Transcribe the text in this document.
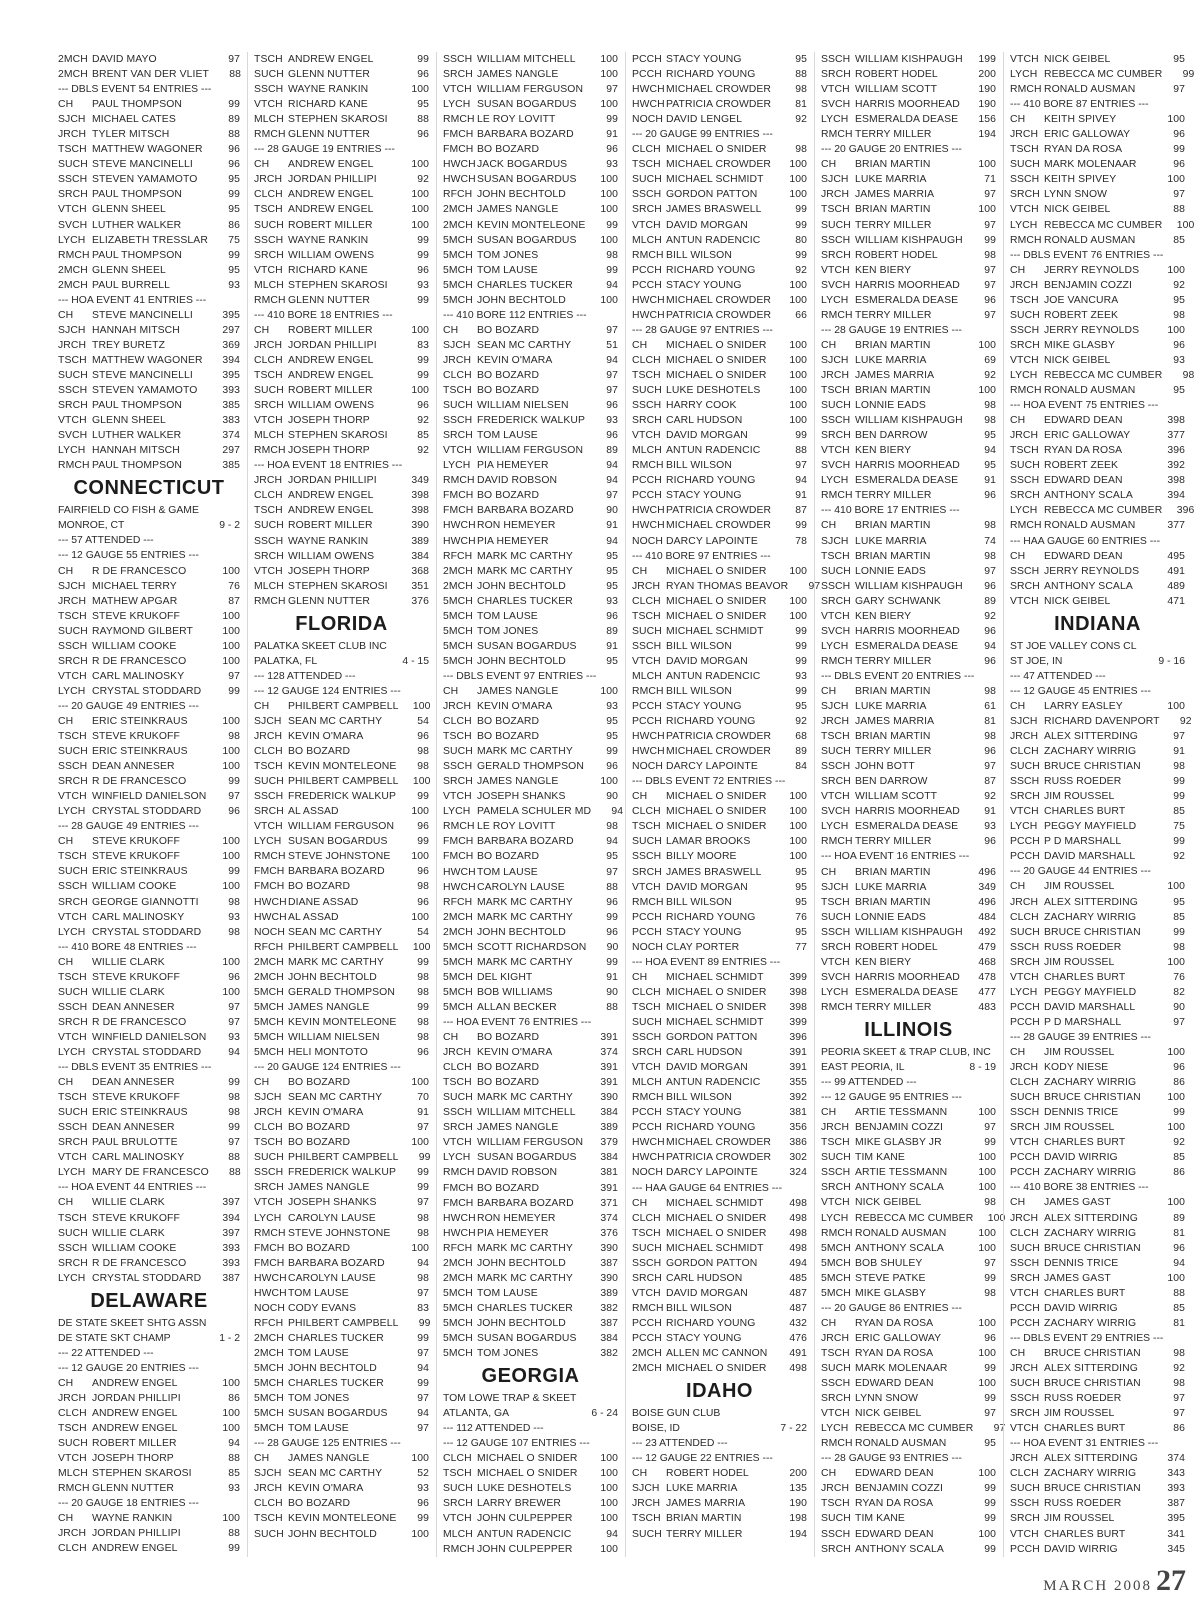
2MCH DAVID MAYO	97
2MCH BRENT VAN DER VLIET	88
--- DBLS EVENT 54 ENTRIES ---
CH	PAUL THOMPSON	99
SJCH MICHAEL CATES	89
JRCH TYLER MITSCH	88
TSCH MATTHEW WAGONER	96
SUCH STEVE MANCINELLI	96
SSCH STEVEN YAMAMOTO	95
SRCH PAUL THOMPSON	99
VTCH GLENN SHEEL	95
SVCH LUTHER WALKER	86
LYCH ELIZABETH TRESSLAR	75
RMCH PAUL THOMPSON	99
2MCH GLENN SHEEL	95
2MCH PAUL BURRELL	93
--- HOA EVENT 41 ENTRIES ---
CH	STEVE MANCINELLI	395
SJCH HANNAH MITSCH	297
JRCH TREY BURETZ	369
TSCH MATTHEW WAGONER	394
SUCH STEVE MANCINELLI	395
SSCH STEVEN YAMAMOTO	393
SRCH PAUL THOMPSON	385
VTCH GLENN SHEEL	383
SVCH LUTHER WALKER	374
LYCH HANNAH MITSCH	297
RMCH PAUL THOMPSON	385
CONNECTICUT
FAIRFIELD CO FISH & GAME
MONROE, CT	9 - 2
--- 57 ATTENDED ---
--- 12 GAUGE 55 ENTRIES ---
CH	R DE FRANCESCO	100
SJCH MICHAEL TERRY	76
JRCH MATHEW APGAR	87
TSCH STEVE KRUKOFF	100
SUCH RAYMOND GILBERT	100
SSCH WILLIAM COOKE	100
SRCH R DE FRANCESCO	100
VTCH CARL MALINOSKY	97
LYCH CRYSTAL STODDARD	99
--- 20 GAUGE 49 ENTRIES ---
CH	ERIC STEINKRAUS	100
TSCH STEVE KRUKOFF	98
SUCH ERIC STEINKRAUS	100
SSCH DEAN ANNESER	100
SRCH R DE FRANCESCO	99
VTCH WINFIELD DANIELSON	97
LYCH CRYSTAL STODDARD	96
--- 28 GAUGE 49 ENTRIES ---
CH	STEVE KRUKOFF	100
TSCH STEVE KRUKOFF	100
SUCH ERIC STEINKRAUS	99
SSCH WILLIAM COOKE	100
SRCH GEORGE GIANNOTTI	98
VTCH CARL MALINOSKY	93
LYCH CRYSTAL STODDARD	98
--- 410 BORE 48 ENTRIES ---
CH	WILLIE CLARK	100
TSCH STEVE KRUKOFF	96
SUCH WILLIE CLARK	100
SSCH DEAN ANNESER	97
SRCH R DE FRANCESCO	97
VTCH WINFIELD DANIELSON	93
LYCH CRYSTAL STODDARD	94
--- DBLS EVENT 35 ENTRIES ---
CH	DEAN ANNESER	99
TSCH STEVE KRUKOFF	98
SUCH ERIC STEINKRAUS	98
SSCH DEAN ANNESER	99
SRCH PAUL BRULOTTE	97
VTCH CARL MALINOSKY	88
LYCH MARY DE FRANCESCO	88
--- HOA EVENT 44 ENTRIES ---
CH	WILLIE CLARK	397
TSCH STEVE KRUKOFF	394
SUCH WILLIE CLARK	397
SSCH WILLIAM COOKE	393
SRCH R DE FRANCESCO	393
LYCH CRYSTAL STODDARD	387
DELAWARE
DE STATE SKEET SHTG ASSN
DE STATE SKT CHAMP	1 - 2
--- 22 ATTENDED ---
--- 12 GAUGE 20 ENTRIES ---
CH	ANDREW ENGEL	100
JRCH JORDAN PHILLIPI	86
CLCH ANDREW ENGEL	100
TSCH ANDREW ENGEL	100
SUCH ROBERT MILLER	94
VTCH JOSEPH THORP	88
MLCH STEPHEN SKAROSI	85
RMCH GLENN NUTTER	93
--- 20 GAUGE 18 ENTRIES ---
CH	WAYNE RANKIN	100
JRCH JORDAN PHILLIPI	88
CLCH ANDREW ENGEL	99
TSCH ANDREW ENGEL	99
SUCH GLENN NUTTER	96
SSCH WAYNE RANKIN	100
VTCH RICHARD KANE	95
MLCH STEPHEN SKAROSI	88
RMCH GLENN NUTTER	96
--- 28 GAUGE 19 ENTRIES ---
CH	ANDREW ENGEL	100
JRCH JORDAN PHILLIPI	92
CLCH ANDREW ENGEL	100
TSCH ANDREW ENGEL	100
SUCH ROBERT MILLER	100
SSCH WAYNE RANKIN	99
SRCH WILLIAM OWENS	99
VTCH RICHARD KANE	96
MLCH STEPHEN SKAROSI	93
RMCH GLENN NUTTER	99
--- 410 BORE 18 ENTRIES ---
CH	ROBERT MILLER	100
JRCH JORDAN PHILLIPI	83
CLCH ANDREW ENGEL	99
TSCH ANDREW ENGEL	99
SUCH ROBERT MILLER	100
SRCH WILLIAM OWENS	96
VTCH JOSEPH THORP	92
MLCH STEPHEN SKAROSI	85
RMCH JOSEPH THORP	92
--- HOA EVENT 18 ENTRIES ---
JRCH JORDAN PHILLIPI	349
CLCH ANDREW ENGEL	398
TSCH ANDREW ENGEL	398
SUCH ROBERT MILLER	390
SSCH WAYNE RANKIN	389
SRCH WILLIAM OWENS	384
VTCH JOSEPH THORP	368
MLCH STEPHEN SKAROSI	351
RMCH GLENN NUTTER	376
FLORIDA
PALATKA SKEET CLUB INC
PALATKA, FL	4 - 15
--- 128 ATTENDED ---
--- 12 GAUGE 124 ENTRIES ---
CH	PHILBERT CAMPBELL	100
SJCH SEAN MC CARTHY	54
JRCH KEVIN O'MARA	96
CLCH BO BOZARD	98
TSCH KEVIN MONTELEONE	98
SUCH PHILBERT CAMPBELL	100
SSCH FREDERICK WALKUP	99
SRCH AL ASSAD	100
VTCH WILLIAM FERGUSON	96
LYCH SUSAN BOGARDUS	99
RMCH STEVE JOHNSTONE	100
FMCH BARBARA BOZARD	96
FMCH BO BOZARD	98
HWCH DIANE ASSAD	96
HWCH AL ASSAD	100
NOCH SEAN MC CARTHY	54
RFCH PHILBERT CAMPBELL	100
2MCH MARK MC CARTHY	99
2MCH JOHN BECHTOLD	98
5MCH GERALD THOMPSON	98
5MCH JAMES NANGLE	99
5MCH KEVIN MONTELEONE	98
5MCH WILLIAM NIELSEN	98
5MCH HELI MONTOTO	96
--- 20 GAUGE 124 ENTRIES ---
CH	BO BOZARD	100
SJCH SEAN MC CARTHY	70
JRCH KEVIN O'MARA	91
CLCH BO BOZARD	97
TSCH BO BOZARD	100
SUCH PHILBERT CAMPBELL	99
SSCH FREDERICK WALKUP	99
SRCH JAMES NANGLE	99
VTCH JOSEPH SHANKS	97
LYCH CAROLYN LAUSE	98
RMCH STEVE JOHNSTONE	98
FMCH BO BOZARD	100
FMCH BARBARA BOZARD	94
HWCH CAROLYN LAUSE	98
HWCH TOM LAUSE	97
NOCH CODY EVANS	83
RFCH PHILBERT CAMPBELL	99
2MCH CHARLES TUCKER	99
2MCH TOM LAUSE	97
5MCH JOHN BECHTOLD	94
5MCH CHARLES TUCKER	99
5MCH TOM JONES	97
5MCH SUSAN BOGARDUS	94
5MCH TOM LAUSE	97
--- 28 GAUGE 125 ENTRIES ---
CH	JAMES NANGLE	100
SJCH SEAN MC CARTHY	52
JRCH KEVIN O'MARA	93
CLCH BO BOZARD	96
TSCH KEVIN MONTELEONE	99
SUCH JOHN BECHTOLD	100
SSCH WILLIAM MITCHELL	100
SRCH JAMES NANGLE	100
VTCH WILLIAM FERGUSON	97
LYCH SUSAN BOGARDUS	100
RMCH LE ROY LOVITT	99
FMCH BARBARA BOZARD	91
FMCH BO BOZARD	96
HWCH JACK BOGARDUS	93
HWCH SUSAN BOGARDUS	100
RFCH JOHN BECHTOLD	100
2MCH JAMES NANGLE	100
2MCH KEVIN MONTELEONE	99
5MCH SUSAN BOGARDUS	100
5MCH TOM JONES	98
5MCH TOM LAUSE	99
5MCH CHARLES TUCKER	94
5MCH JOHN BECHTOLD	100
--- 410 BORE 112 ENTRIES ---
CH	BO BOZARD	97
SJCH SEAN MC CARTHY	51
JRCH KEVIN O'MARA	94
CLCH BO BOZARD	97
TSCH BO BOZARD	97
SUCH WILLIAM NIELSEN	96
SSCH FREDERICK WALKUP	93
SRCH TOM LAUSE	96
VTCH WILLIAM FERGUSON	89
LYCH PIA HEMEYER	94
RMCH DAVID ROBSON	94
FMCH BO BOZARD	97
FMCH BARBARA BOZARD	90
HWCH RON HEMEYER	91
HWCH PIA HEMEYER	94
RFCH MARK MC CARTHY	95
2MCH MARK MC CARTHY	95
2MCH JOHN BECHTOLD	95
5MCH CHARLES TUCKER	93
5MCH TOM LAUSE	96
5MCH TOM JONES	89
5MCH SUSAN BOGARDUS	91
5MCH JOHN BECHTOLD	95
--- DBLS EVENT 97 ENTRIES ---
CH	JAMES NANGLE	100
JRCH KEVIN O'MARA	93
CLCH BO BOZARD	95
TSCH BO BOZARD	95
SUCH MARK MC CARTHY	99
SSCH GERALD THOMPSON	96
SRCH JAMES NANGLE	100
VTCH JOSEPH SHANKS	90
LYCH PAMELA SCHULER MD	94
RMCH LE ROY LOVITT	98
FMCH BARBARA BOZARD	94
FMCH BO BOZARD	95
HWCH TOM LAUSE	97
HWCH CAROLYN LAUSE	88
RFCH MARK MC CARTHY	96
2MCH MARK MC CARTHY	99
2MCH JOHN BECHTOLD	96
5MCH SCOTT RICHARDSON	90
5MCH MARK MC CARTHY	99
5MCH DEL KIGHT	91
5MCH BOB WILLIAMS	90
5MCH ALLAN BECKER	88
--- HOA EVENT 76 ENTRIES ---
CH	BO BOZARD	391
JRCH KEVIN O'MARA	374
CLCH BO BOZARD	391
TSCH BO BOZARD	391
SUCH MARK MC CARTHY	390
SSCH WILLIAM MITCHELL	384
SRCH JAMES NANGLE	389
VTCH WILLIAM FERGUSON	379
LYCH SUSAN BOGARDUS	384
RMCH DAVID ROBSON	381
FMCH BO BOZARD	391
FMCH BARBARA BOZARD	371
HWCH RON HEMEYER	374
HWCH PIA HEMEYER	376
RFCH MARK MC CARTHY	390
2MCH JOHN BECHTOLD	387
2MCH MARK MC CARTHY	390
5MCH TOM LAUSE	389
5MCH CHARLES TUCKER	382
5MCH JOHN BECHTOLD	387
5MCH SUSAN BOGARDUS	384
5MCH TOM JONES	382
GEORGIA
TOM LOWE TRAP & SKEET
ATLANTA, GA	6 - 24
--- 112 ATTENDED ---
--- 12 GAUGE 107 ENTRIES ---
CLCH MICHAEL O SNIDER	100
TSCH MICHAEL O SNIDER	100
SUCH LUKE DESHOTELS	100
SRCH LARRY BREWER	100
VTCH JOHN CULPEPPER	100
MLCH ANTUN RADENCIC	94
RMCH JOHN CULPEPPER	100
PCCH STACY YOUNG	95
PCCH RICHARD YOUNG	88
HWCH MICHAEL CROWDER	98
HWCH PATRICIA CROWDER	81
NOCH DAVID LENGEL	92
--- 20 GAUGE 99 ENTRIES ---
CLCH MICHAEL O SNIDER	98
TSCH MICHAEL CROWDER	100
SUCH MICHAEL SCHMIDT	100
SSCH GORDON PATTON	100
SRCH JAMES BRASWELL	99
VTCH DAVID MORGAN	99
MLCH ANTUN RADENCIC	80
RMCH BILL WILSON	99
PCCH RICHARD YOUNG	92
PCCH STACY YOUNG	100
HWCH MICHAEL CROWDER	100
HWCH PATRICIA CROWDER	66
--- 28 GAUGE 97 ENTRIES ---
CH	MICHAEL O SNIDER	100
CLCH MICHAEL O SNIDER	100
TSCH MICHAEL O SNIDER	100
SUCH LUKE DESHOTELS	100
SSCH HARRY COOK	100
SRCH CARL HUDSON	100
VTCH DAVID MORGAN	99
MLCH ANTUN RADENCIC	88
RMCH BILL WILSON	97
PCCH RICHARD YOUNG	94
PCCH STACY YOUNG	91
HWCH PATRICIA CROWDER	87
HWCH MICHAEL CROWDER	99
NOCH DARCY LAPOINTE	78
--- 410 BORE 97 ENTRIES ---
CH	MICHAEL O SNIDER	100
JRCH RYAN THOMAS BEAVOR	97
CLCH MICHAEL O SNIDER	100
TSCH MICHAEL O SNIDER	100
SUCH MICHAEL SCHMIDT	99
SSCH BILL WILSON	99
VTCH DAVID MORGAN	99
MLCH ANTUN RADENCIC	93
RMCH BILL WILSON	99
PCCH STACY YOUNG	95
PCCH RICHARD YOUNG	92
HWCH PATRICIA CROWDER	68
HWCH MICHAEL CROWDER	89
NOCH DARCY LAPOINTE	84
--- DBLS EVENT 72 ENTRIES ---
CH	MICHAEL O SNIDER	100
CLCH MICHAEL O SNIDER	100
TSCH MICHAEL O SNIDER	100
SUCH LAMAR BROOKS	100
SSCH BILLY MOORE	100
SRCH JAMES BRASWELL	95
VTCH DAVID MORGAN	95
RMCH BILL WILSON	95
PCCH RICHARD YOUNG	76
PCCH STACY YOUNG	95
NOCH CLAY PORTER	77
--- HOA EVENT 89 ENTRIES ---
CH	MICHAEL SCHMIDT	399
CLCH MICHAEL O SNIDER	398
TSCH MICHAEL O SNIDER	398
SUCH MICHAEL SCHMIDT	399
SSCH GORDON PATTON	396
SRCH CARL HUDSON	391
VTCH DAVID MORGAN	391
MLCH ANTUN RADENCIC	355
RMCH BILL WILSON	392
PCCH STACY YOUNG	381
PCCH RICHARD YOUNG	356
HWCH MICHAEL CROWDER	386
HWCH PATRICIA CROWDER	302
NOCH DARCY LAPOINTE	324
--- HAA GAUGE 64 ENTRIES ---
CH	MICHAEL SCHMIDT	498
CLCH MICHAEL O SNIDER	498
TSCH MICHAEL O SNIDER	498
SUCH MICHAEL SCHMIDT	498
SSCH GORDON PATTON	494
SRCH CARL HUDSON	485
VTCH DAVID MORGAN	487
RMCH BILL WILSON	487
PCCH RICHARD YOUNG	432
PCCH STACY YOUNG	476
2MCH ALLEN MC CANNON	491
2MCH MICHAEL O SNIDER	498
IDAHO
BOISE GUN CLUB
BOISE, ID	7 - 22
--- 23 ATTENDED ---
--- 12 GAUGE 22 ENTRIES ---
CH	ROBERT HODEL	200
SJCH LUKE MARRIA	135
JRCH JAMES MARRIA	190
TSCH BRIAN MARTIN	198
SUCH TERRY MILLER	194
SSCH WILLIAM KISHPAUGH	199
SRCH ROBERT HODEL	200
VTCH WILLIAM SCOTT	190
SVCH HARRIS MOORHEAD	190
LYCH ESMERALDA DEASE	156
RMCH TERRY MILLER	194
--- 20 GAUGE 20 ENTRIES ---
CH	BRIAN MARTIN	100
SJCH LUKE MARRIA	71
JRCH JAMES MARRIA	97
TSCH BRIAN MARTIN	100
SUCH TERRY MILLER	97
SSCH WILLIAM KISHPAUGH	99
SRCH ROBERT HODEL	98
VTCH KEN BIERY	97
SVCH HARRIS MOORHEAD	97
LYCH ESMERALDA DEASE	96
RMCH TERRY MILLER	97
--- 28 GAUGE 19 ENTRIES ---
CH	BRIAN MARTIN	100
SJCH LUKE MARRIA	69
JRCH JAMES MARRIA	92
TSCH BRIAN MARTIN	100
SUCH LONNIE EADS	98
SSCH WILLIAM KISHPAUGH	98
SRCH BEN DARROW	95
VTCH KEN BIERY	94
SVCH HARRIS MOORHEAD	95
LYCH ESMERALDA DEASE	91
RMCH TERRY MILLER	96
--- 410 BORE 17 ENTRIES ---
CH	BRIAN MARTIN	98
SJCH LUKE MARRIA	74
TSCH BRIAN MARTIN	98
SUCH LONNIE EADS	97
SSCH WILLIAM KISHPAUGH	96
SRCH GARY SCHWANK	89
VTCH KEN BIERY	92
SVCH HARRIS MOORHEAD	96
LYCH ESMERALDA DEASE	94
RMCH TERRY MILLER	96
--- DBLS EVENT 20 ENTRIES ---
CH	BRIAN MARTIN	98
SJCH LUKE MARRIA	61
JRCH JAMES MARRIA	81
TSCH BRIAN MARTIN	98
SUCH TERRY MILLER	96
SSCH JOHN BOTT	97
SRCH BEN DARROW	87
VTCH WILLIAM SCOTT	92
SVCH HARRIS MOORHEAD	91
LYCH ESMERALDA DEASE	93
RMCH TERRY MILLER	96
--- HOA EVENT 16 ENTRIES ---
CH	BRIAN MARTIN	496
SJCH LUKE MARRIA	349
TSCH BRIAN MARTIN	496
SUCH LONNIE EADS	484
SSCH WILLIAM KISHPAUGH	492
SRCH ROBERT HODEL	479
VTCH KEN BIERY	468
SVCH HARRIS MOORHEAD	478
LYCH ESMERALDA DEASE	477
RMCH TERRY MILLER	483
ILLINOIS
PEORIA SKEET & TRAP CLUB, INC
EAST PEORIA, IL	8 - 19
--- 99 ATTENDED ---
--- 12 GAUGE 95 ENTRIES ---
CH	ARTIE TESSMANN	100
JRCH BENJAMIN COZZI	97
TSCH MIKE GLASBY JR	99
SUCH TIM KANE	100
SSCH ARTIE TESSMANN	100
SRCH ANTHONY SCALA	100
VTCH NICK GEIBEL	98
LYCH REBECCA MC CUMBER	100
RMCH RONALD AUSMAN	100
5MCH ANTHONY SCALA	100
5MCH BOB SHULEY	97
5MCH STEVE PATKE	99
5MCH MIKE GLASBY	98
--- 20 GAUGE 86 ENTRIES ---
CH	RYAN DA ROSA	100
JRCH ERIC GALLOWAY	96
TSCH RYAN DA ROSA	100
SUCH MARK MOLENAAR	99
SSCH EDWARD DEAN	100
SRCH LYNN SNOW	99
VTCH NICK GEIBEL	97
LYCH REBECCA MC CUMBER	97
RMCH RONALD AUSMAN	95
--- 28 GAUGE 93 ENTRIES ---
CH	EDWARD DEAN	100
JRCH BENJAMIN COZZI	99
TSCH RYAN DA ROSA	99
SUCH TIM KANE	99
SSCH EDWARD DEAN	100
SRCH ANTHONY SCALA	99
VTCH NICK GEIBEL	95
LYCH REBECCA MC CUMBER	99
RMCH RONALD AUSMAN	97
--- 410 BORE 87 ENTRIES ---
CH	KEITH SPIVEY	100
JRCH ERIC GALLOWAY	96
TSCH RYAN DA ROSA	99
SUCH MARK MOLENAAR	96
SSCH KEITH SPIVEY	100
SRCH LYNN SNOW	97
VTCH NICK GEIBEL	88
LYCH REBECCA MC CUMBER	100
RMCH RONALD AUSMAN	85
--- DBLS EVENT 76 ENTRIES ---
CH	JERRY REYNOLDS	100
JRCH BENJAMIN COZZI	92
TSCH JOE VANCURA	95
SUCH ROBERT ZEEK	98
SSCH JERRY REYNOLDS	100
SRCH MIKE GLASBY	96
VTCH NICK GEIBEL	93
LYCH REBECCA MC CUMBER	98
RMCH RONALD AUSMAN	95
--- HOA EVENT 75 ENTRIES ---
CH	EDWARD DEAN	398
JRCH ERIC GALLOWAY	377
TSCH RYAN DA ROSA	396
SUCH ROBERT ZEEK	392
SSCH EDWARD DEAN	398
SRCH ANTHONY SCALA	394
LYCH REBECCA MC CUMBER	396
RMCH RONALD AUSMAN	377
--- HAA GAUGE 60 ENTRIES ---
CH	EDWARD DEAN	495
SSCH JERRY REYNOLDS	491
SRCH ANTHONY SCALA	489
VTCH NICK GEIBEL	471
INDIANA
ST JOE VALLEY CONS CL
ST JOE, IN	9 - 16
--- 47 ATTENDED ---
--- 12 GAUGE 45 ENTRIES ---
CH	LARRY EASLEY	100
SJCH RICHARD DAVENPORT	92
JRCH ALEX SITTERDING	97
CLCH ZACHARY WIRRIG	91
SUCH BRUCE CHRISTIAN	98
SSCH RUSS ROEDER	99
SRCH JIM ROUSSEL	99
VTCH CHARLES BURT	85
LYCH PEGGY MAYFIELD	75
PCCH P D MARSHALL	99
PCCH DAVID MARSHALL	92
--- 20 GAUGE 44 ENTRIES ---
CH	JIM ROUSSEL	100
JRCH ALEX SITTERDING	95
CLCH ZACHARY WIRRIG	85
SUCH BRUCE CHRISTIAN	99
SSCH RUSS ROEDER	98
SRCH JIM ROUSSEL	100
VTCH CHARLES BURT	76
LYCH PEGGY MAYFIELD	82
PCCH DAVID MARSHALL	90
PCCH P D MARSHALL	97
--- 28 GAUGE 39 ENTRIES ---
CH	JIM ROUSSEL	100
JRCH KODY NIESE	96
CLCH ZACHARY WIRRIG	86
SUCH BRUCE CHRISTIAN	100
SSCH DENNIS TRICE	99
SRCH JIM ROUSSEL	100
VTCH CHARLES BURT	92
PCCH DAVID WIRRIG	85
PCCH ZACHARY WIRRIG	86
--- 410 BORE 38 ENTRIES ---
CH	JAMES GAST	100
JRCH ALEX SITTERDING	89
CLCH ZACHARY WIRRIG	81
SUCH BRUCE CHRISTIAN	96
SSCH DENNIS TRICE	94
SRCH JAMES GAST	100
VTCH CHARLES BURT	88
PCCH DAVID WIRRIG	85
PCCH ZACHARY WIRRIG	81
--- DBLS EVENT 29 ENTRIES ---
CH	BRUCE CHRISTIAN	98
JRCH ALEX SITTERDING	92
SUCH BRUCE CHRISTIAN	98
SSCH RUSS ROEDER	97
SRCH JIM ROUSSEL	97
VTCH CHARLES BURT	86
--- HOA EVENT 31 ENTRIES ---
JRCH ALEX SITTERDING	374
CLCH ZACHARY WIRRIG	343
SUCH BRUCE CHRISTIAN	393
SSCH RUSS ROEDER	387
SRCH JIM ROUSSEL	395
VTCH CHARLES BURT	341
PCCH DAVID WIRRIG	345
MARCH 2008 27
